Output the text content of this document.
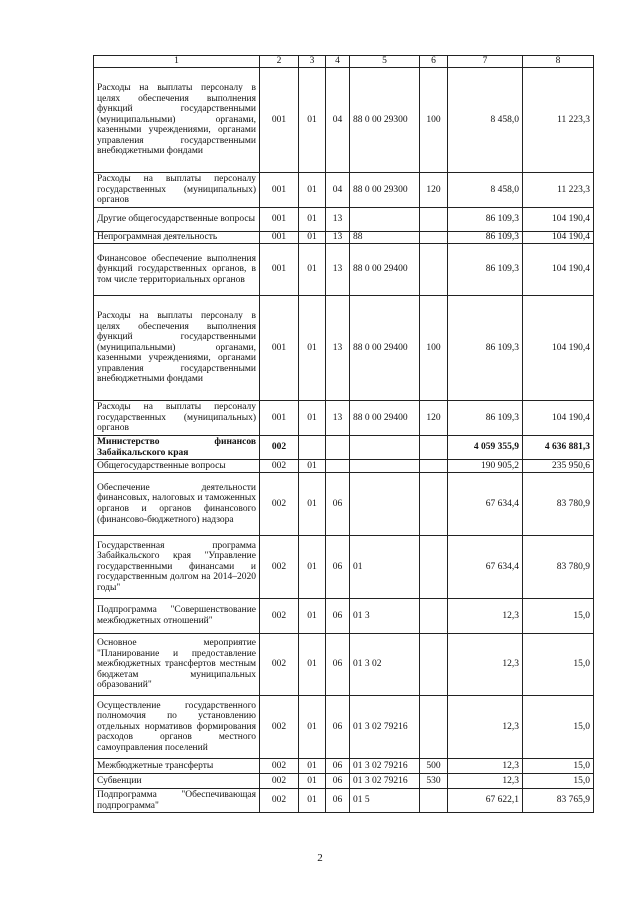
1	2	3	4	5	6	7	8
Расходы на выплаты персоналу в целях обеспечения выполнения функций государственными (муниципальными) органами, казенными учреждениями, органами управления государственными внебюджетными фондами	001	01	04	88 0 00 29300	100	8 458,0	11 223,3
Расходы на выплаты персоналу государственных (муниципальных) органов	001	01	04	88 0 00 29300	120	8 458,0	11 223,3
Другие общегосударственные вопросы	001	01	13			86 109,3	104 190,4
Непрограммная деятельность	001	01	13	88		86 109,3	104 190,4
Финансовое обеспечение выполнения функций государственных органов, в том числе территориальных органов	001	01	13	88 0 00 29400		86 109,3	104 190,4
Расходы на выплаты персоналу в целях обеспечения выполнения функций государственными (муниципальными) органами, казенными учреждениями, органами управления государственными внебюджетными фондами	001	01	13	88 0 00 29400	100	86 109,3	104 190,4
Расходы на выплаты персоналу государственных (муниципальных) органов	001	01	13	88 0 00 29400	120	86 109,3	104 190,4
Министерство финансов Забайкальского края	002					4 059 355,9	4 636 881,3
Общегосударственные вопросы	002	01				190 905,2	235 950,6
Обеспечение деятельности финансовых, налоговых и таможенных органов и органов финансового (финансово-бюджетного) надзора	002	01	06			67 634,4	83 780,9
Государственная программа Забайкальского края "Управление государственными финансами и государственным долгом на 2014–2020 годы"	002	01	06	01		67 634,4	83 780,9
Подпрограмма "Совершенствование межбюджетных отношений"	002	01	06	01 3		12,3	15,0
Основное мероприятие "Планирование и предоставление межбюджетных трансфертов местным бюджетам муниципальных образований"	002	01	06	01 3 02		12,3	15,0
Осуществление государственного полномочия по установлению отдельных нормативов формирования расходов органов местного самоуправления поселений	002	01	06	01 3 02 79216		12,3	15,0
Межбюджетные трансферты	002	01	06	01 3 02 79216	500	12,3	15,0
Субвенции	002	01	06	01 3 02 79216	530	12,3	15,0
Подпрограмма "Обеспечивающая подпрограмма"	002	01	06	01 5		67 622,1	83 765,9
2
